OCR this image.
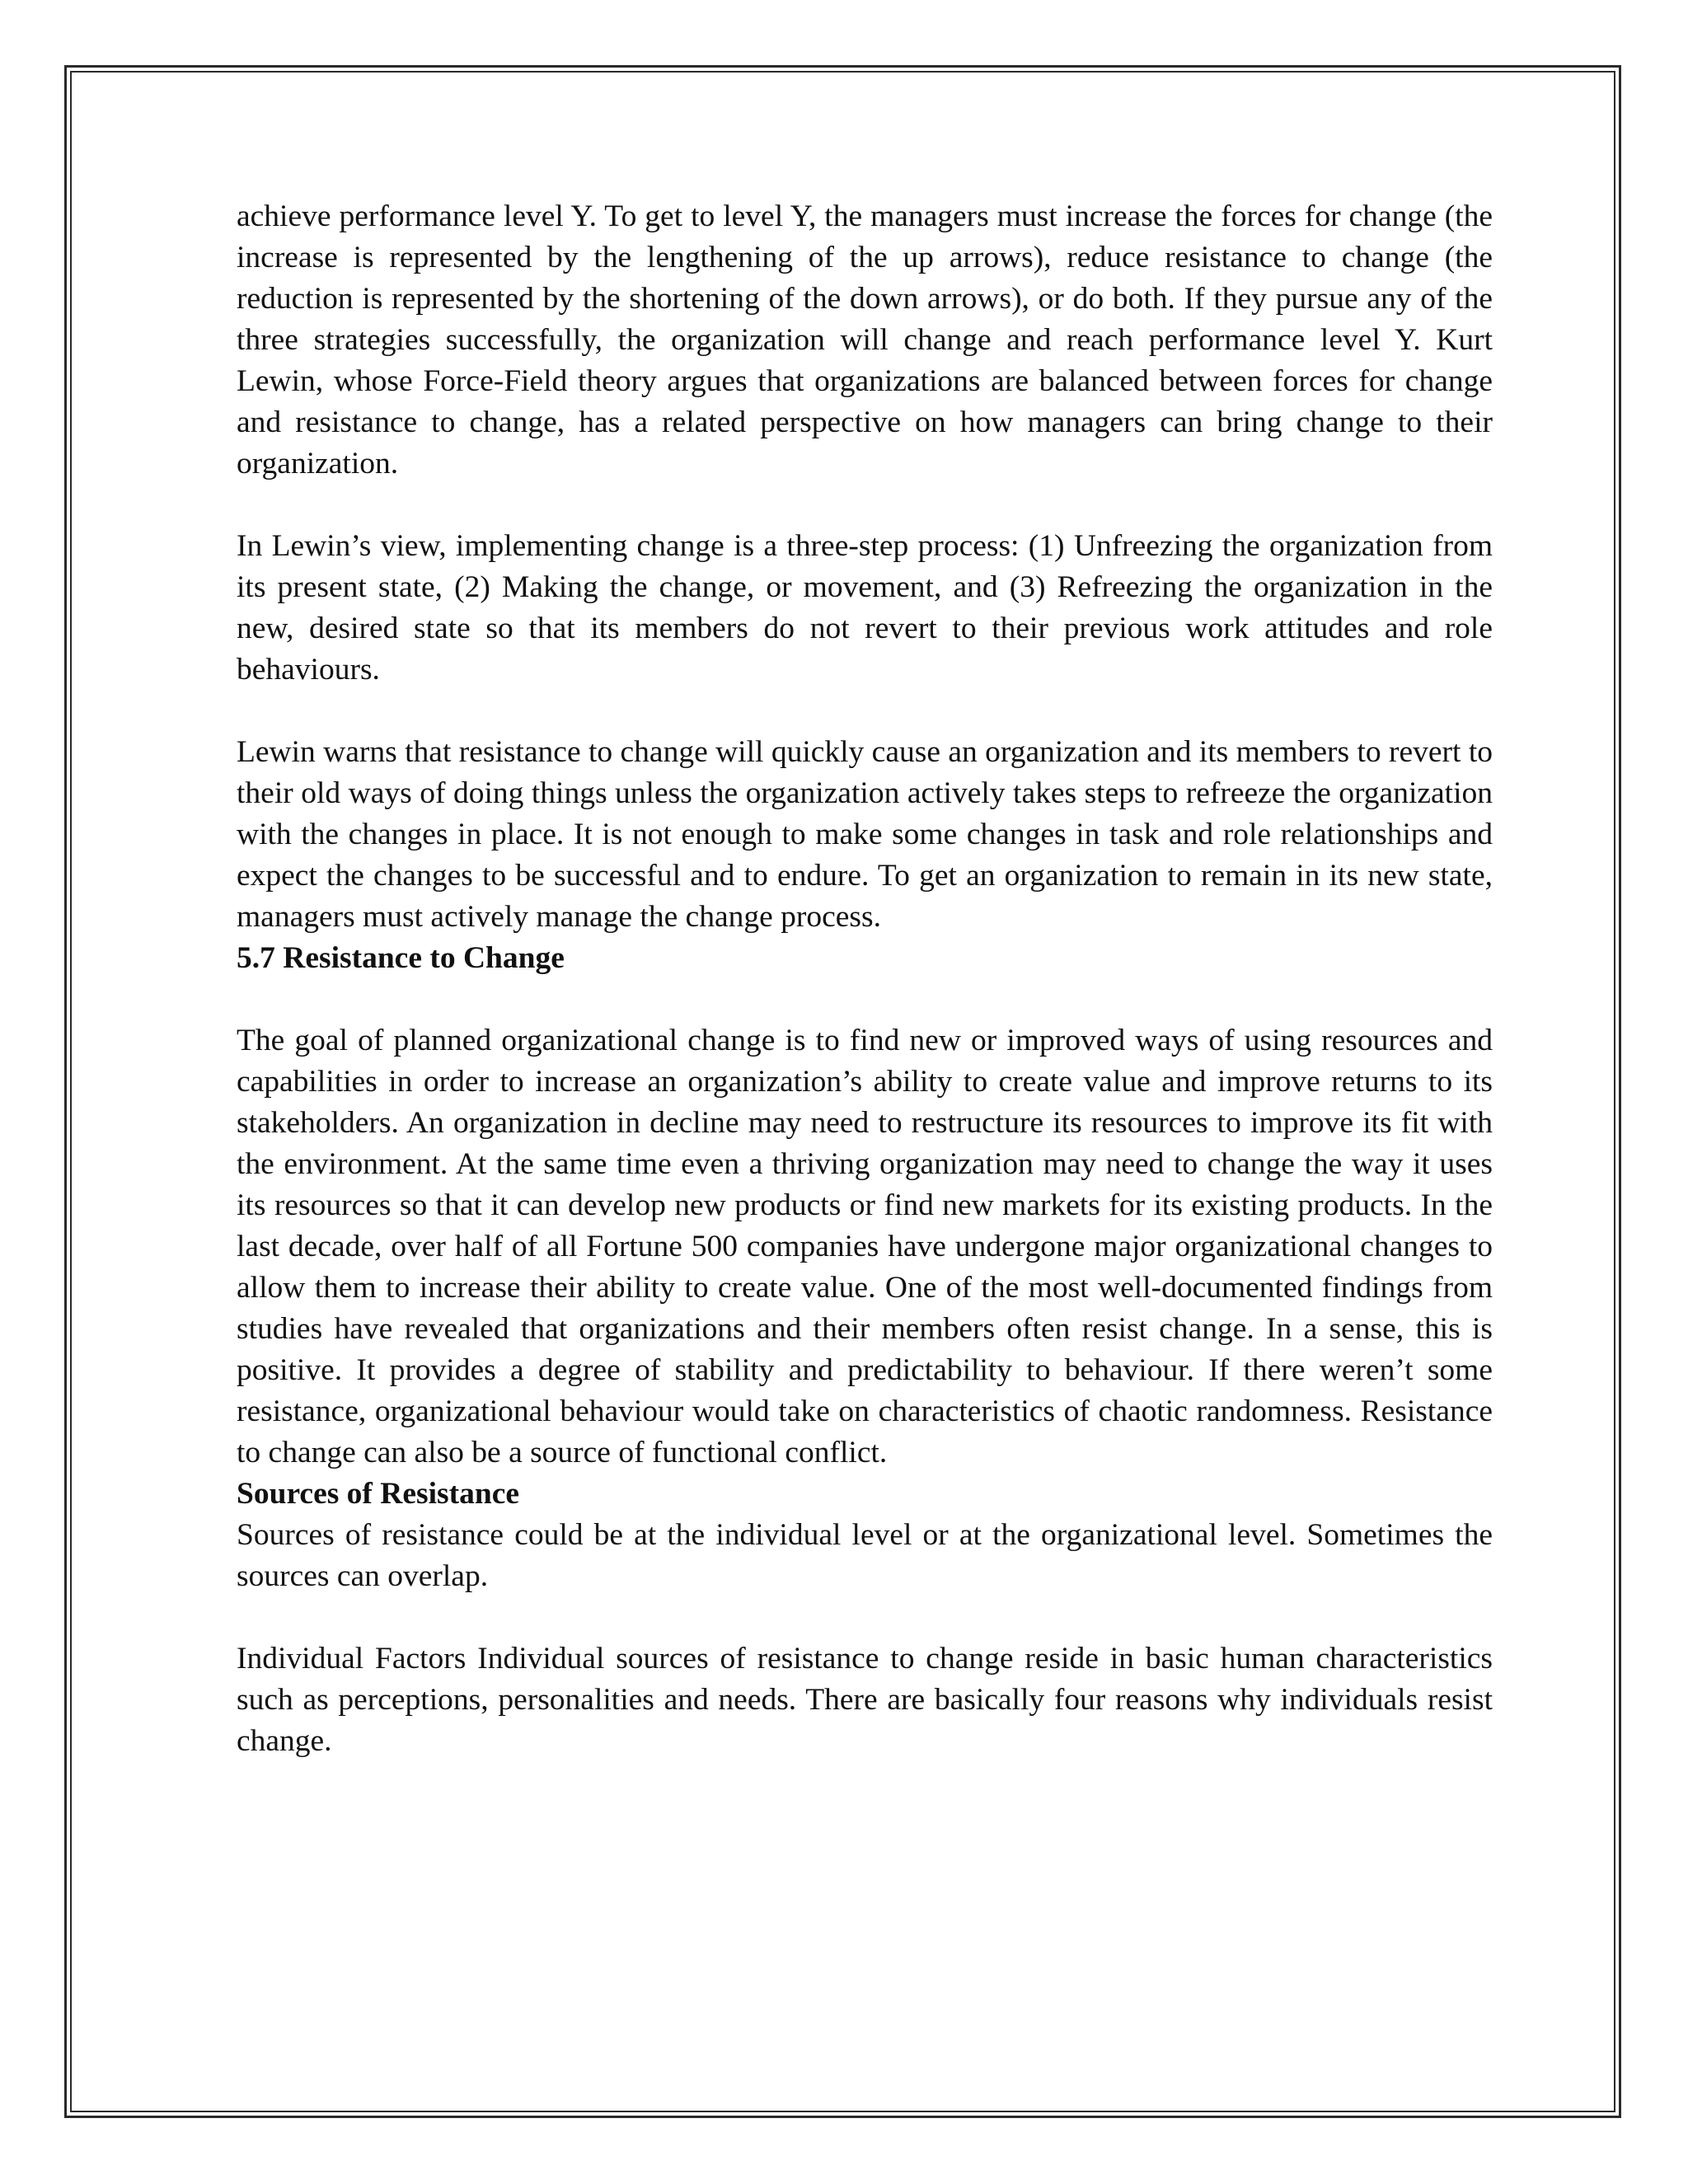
achieve performance level Y. To get to level Y, the managers must increase the forces for change (the increase is represented by the lengthening of the up arrows), reduce resistance to change (the reduction is represented by the shortening of the down arrows), or do both. If they pursue any of the three strategies successfully, the organization will change and reach performance level Y. Kurt Lewin, whose Force-Field theory argues that organizations are balanced between forces for change and resistance to change, has a related perspective on how managers can bring change to their organization.

In Lewin’s view, implementing change is a three-step process: (1) Unfreezing the organization from its present state, (2) Making the change, or movement, and (3) Refreezing the organization in the new, desired state so that its members do not revert to their previous work attitudes and role behaviours.

Lewin warns that resistance to change will quickly cause an organization and its members to revert to their old ways of doing things unless the organization actively takes steps to refreeze the organization with the changes in place. It is not enough to make some changes in task and role relationships and expect the changes to be successful and to endure. To get an organization to remain in its new state, managers must actively manage the change process.

5.7 Resistance to Change

The goal of planned organizational change is to find new or improved ways of using resources and capabilities in order to increase an organization’s ability to create value and improve returns to its stakeholders. An organization in decline may need to restructure its resources to improve its fit with the environment. At the same time even a thriving organization may need to change the way it uses its resources so that it can develop new products or find new markets for its existing products. In the last decade, over half of all Fortune 500 companies have undergone major organizational changes to allow them to increase their ability to create value. One of the most well-documented findings from studies have revealed that organizations and their members often resist change. In a sense, this is positive. It provides a degree of stability and predictability to behaviour. If there weren’t some resistance, organizational behaviour would take on characteristics of chaotic randomness. Resistance to change can also be a source of functional conflict.

Sources of Resistance

Sources of resistance could be at the individual level or at the organizational level. Sometimes the sources can overlap.

Individual Factors Individual sources of resistance to change reside in basic human characteristics such as perceptions, personalities and needs. There are basically four reasons why individuals resist change.
